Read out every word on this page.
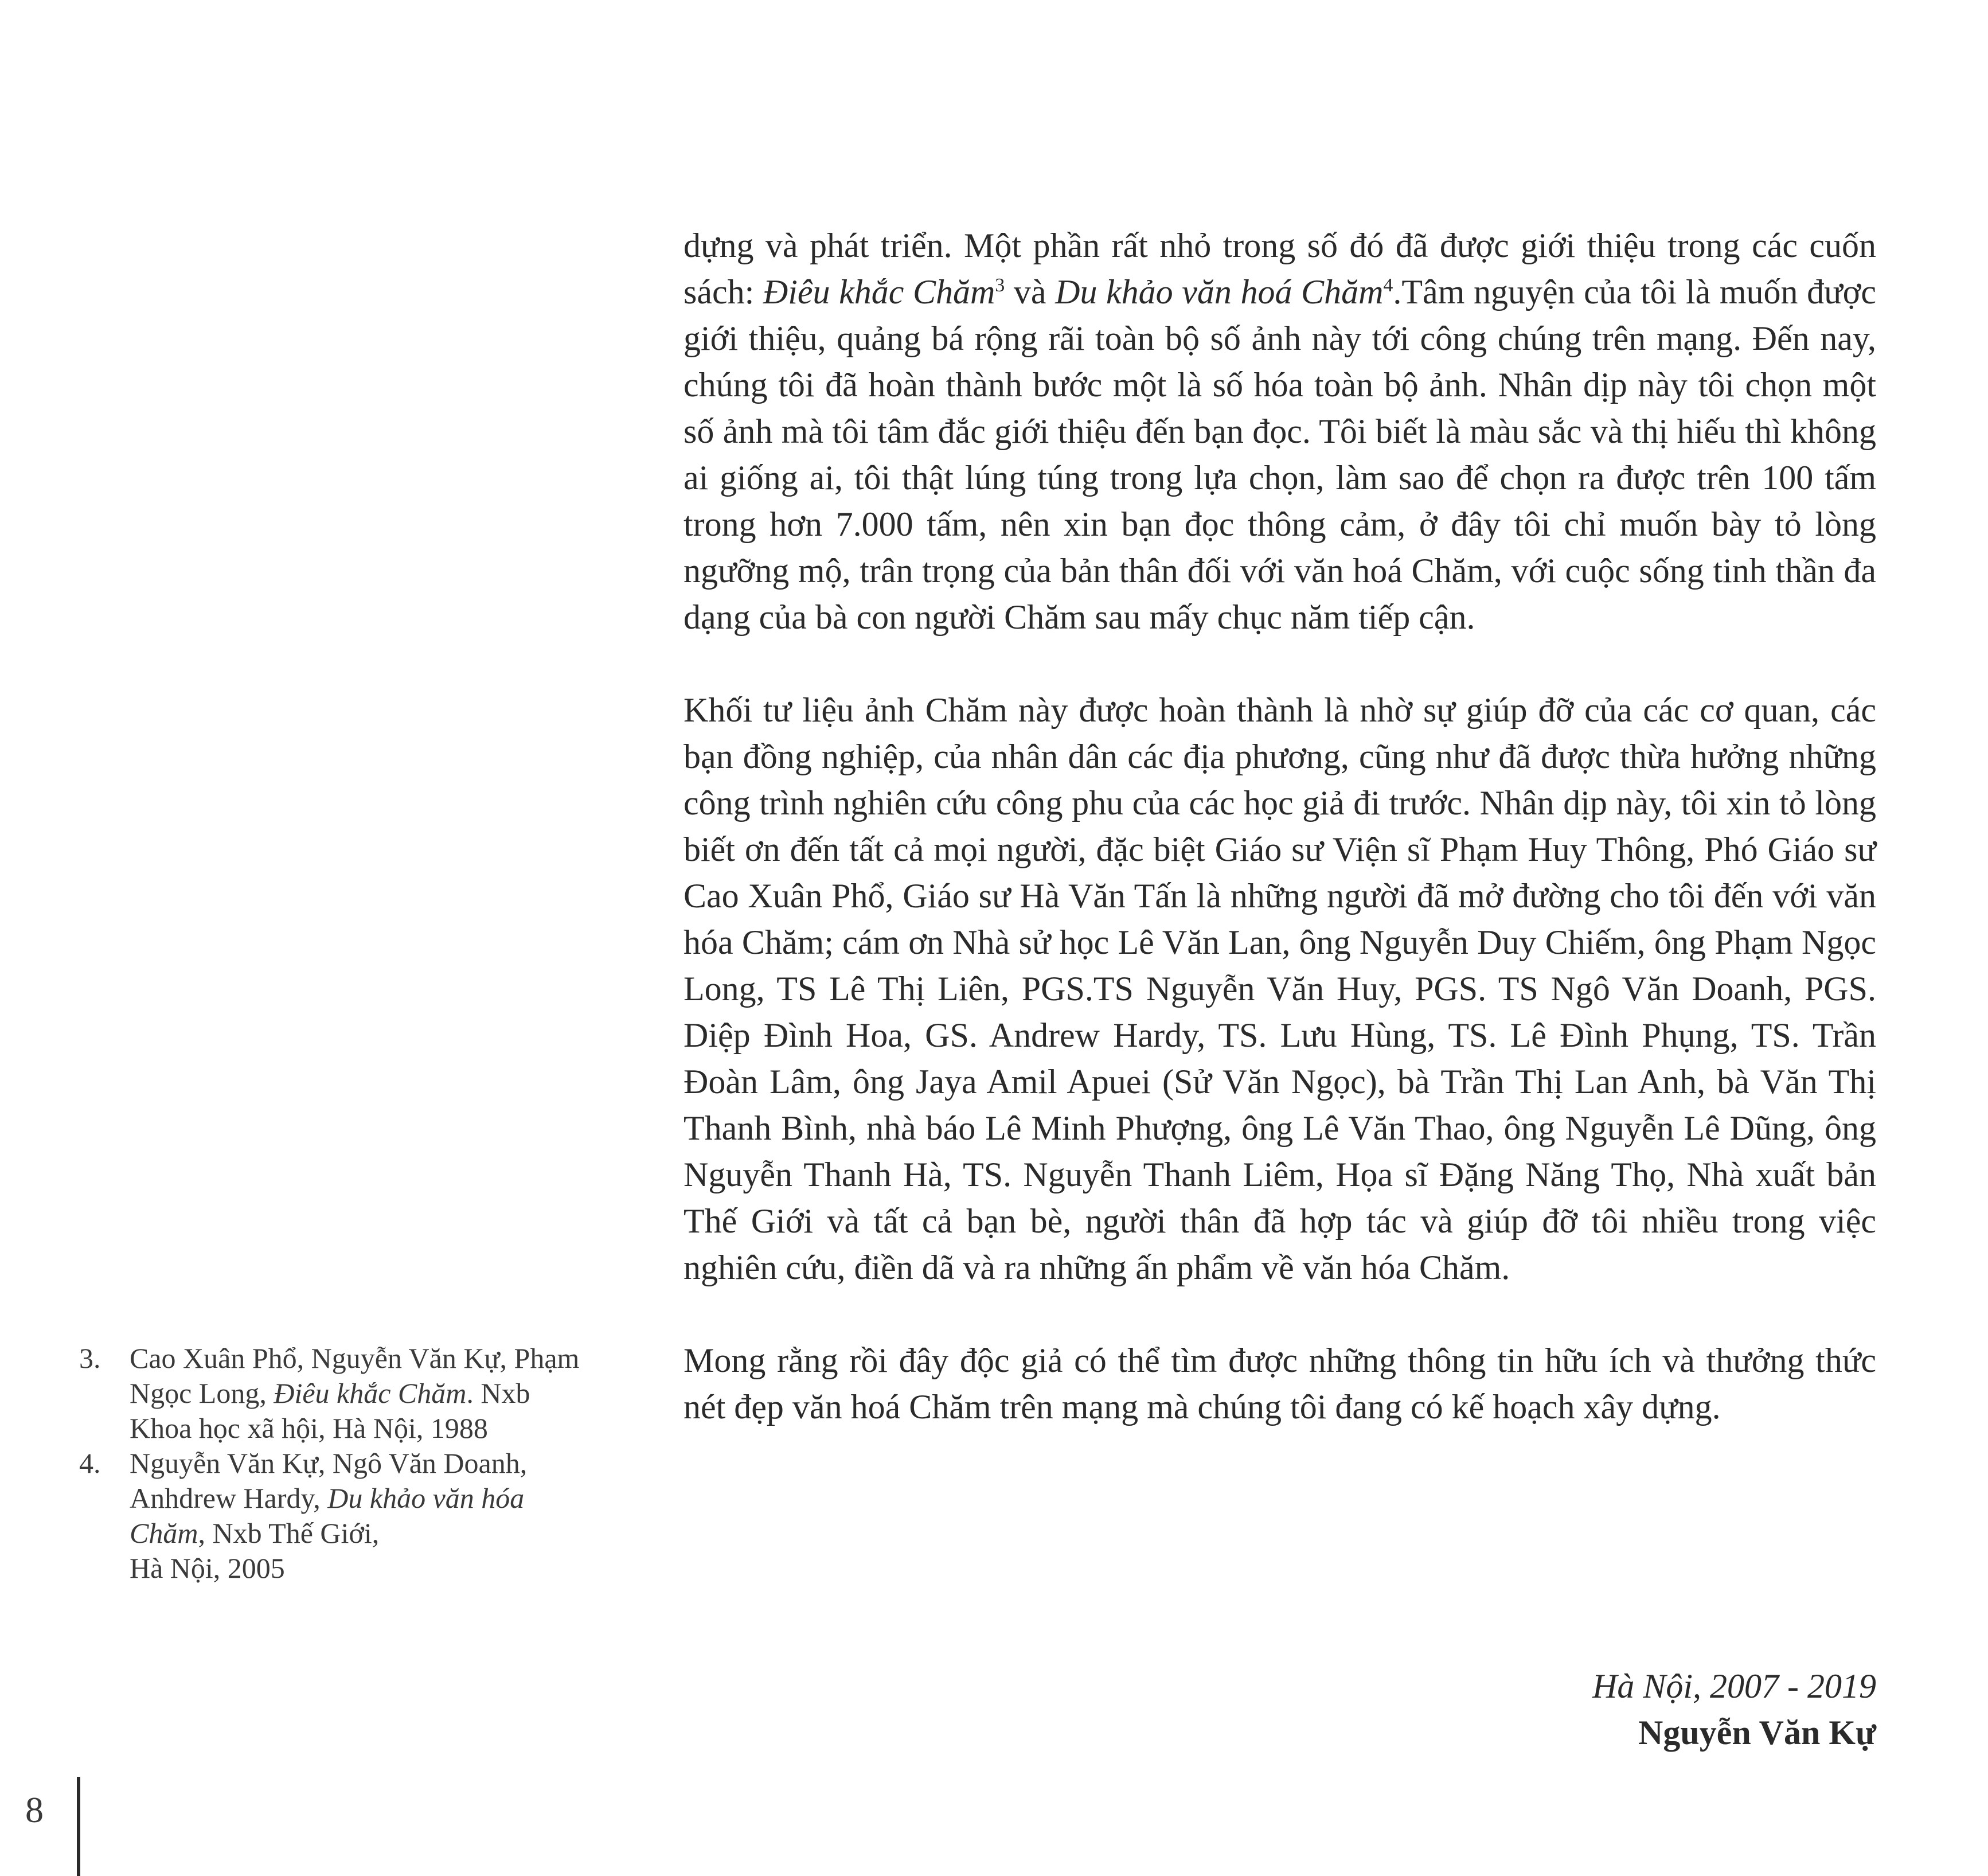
dựng và phát triển. Một phần rất nhỏ trong số đó đã được giới thiệu trong các cuốn sách: Điêu khắc Chăm$^3$ và Du khảo văn hoá Chăm$^4$.Tâm nguyện của tôi là muốn được giới thiệu, quảng bá rộng rãi toàn bộ số ảnh này tới công chúng trên mạng. Đến nay, chúng tôi đã hoàn thành bước một là số hóa toàn bộ ảnh. Nhân dịp này tôi chọn một số ảnh mà tôi tâm đắc giới thiệu đến bạn đọc. Tôi biết là màu sắc và thị hiếu thì không ai giống ai, tôi thật lúng túng trong lựa chọn, làm sao để chọn ra được trên 100 tấm trong hơn 7.000 tấm, nên xin bạn đọc thông cảm, ở đây tôi chỉ muốn bày tỏ lòng ngưỡng mộ, trân trọng của bản thân đối với văn hoá Chăm, với cuộc sống tinh thần đa dạng của bà con người Chăm sau mấy chục năm tiếp cận.

Khối tư liệu ảnh Chăm này được hoàn thành là nhờ sự giúp đỡ của các cơ quan, các bạn đồng nghiệp, của nhân dân các địa phương, cũng như đã được thừa hưởng những công trình nghiên cứu công phu của các học giả đi trước. Nhân dịp này, tôi xin tỏ lòng biết ơn đến tất cả mọi người, đặc biệt Giáo sư Viện sĩ Phạm Huy Thông, Phó Giáo sư Cao Xuân Phổ, Giáo sư Hà Văn Tấn là những người đã mở đường cho tôi đến với văn hóa Chăm; cám ơn Nhà sử học Lê Văn Lan, ông Nguyễn Duy Chiếm, ông Phạm Ngọc Long, TS Lê Thị Liên, PGS.TS Nguyễn Văn Huy, PGS. TS Ngô Văn Doanh, PGS. Diệp Đình Hoa, GS. Andrew Hardy, TS. Lưu Hùng, TS. Lê Đình Phụng, TS. Trần Đoàn Lâm, ông Jaya Amil Apuei (Sử Văn Ngọc), bà Trần Thị Lan Anh, bà Văn Thị Thanh Bình, nhà báo Lê Minh Phượng, ông Lê Văn Thao, ông Nguyễn Lê Dũng, ông Nguyễn Thanh Hà, TS. Nguyễn Thanh Liêm, Họa sĩ Đặng Năng Thọ, Nhà xuất bản Thế Giới và tất cả bạn bè, người thân đã hợp tác và giúp đỡ tôi nhiều trong việc nghiên cứu, điền dã và ra những ấn phẩm về văn hóa Chăm.

Mong rằng rồi đây độc giả có thể tìm được những thông tin hữu ích và thưởng thức nét đẹp văn hoá Chăm trên mạng mà chúng tôi đang có kế hoạch xây dựng.

3. Cao Xuân Phổ, Nguyễn Văn Kự, Phạm Ngọc Long, Điêu khắc Chăm. Nxb Khoa học xã hội, Hà Nội, 1988
4. Nguyễn Văn Kự, Ngô Văn Doanh, Anhdrew Hardy, Du khảo văn hóa Chăm, Nxb Thế Giới,
Hà Nội, 2005
Hà Nội, 2007 - 2019
Nguyễn Văn Kự
8
